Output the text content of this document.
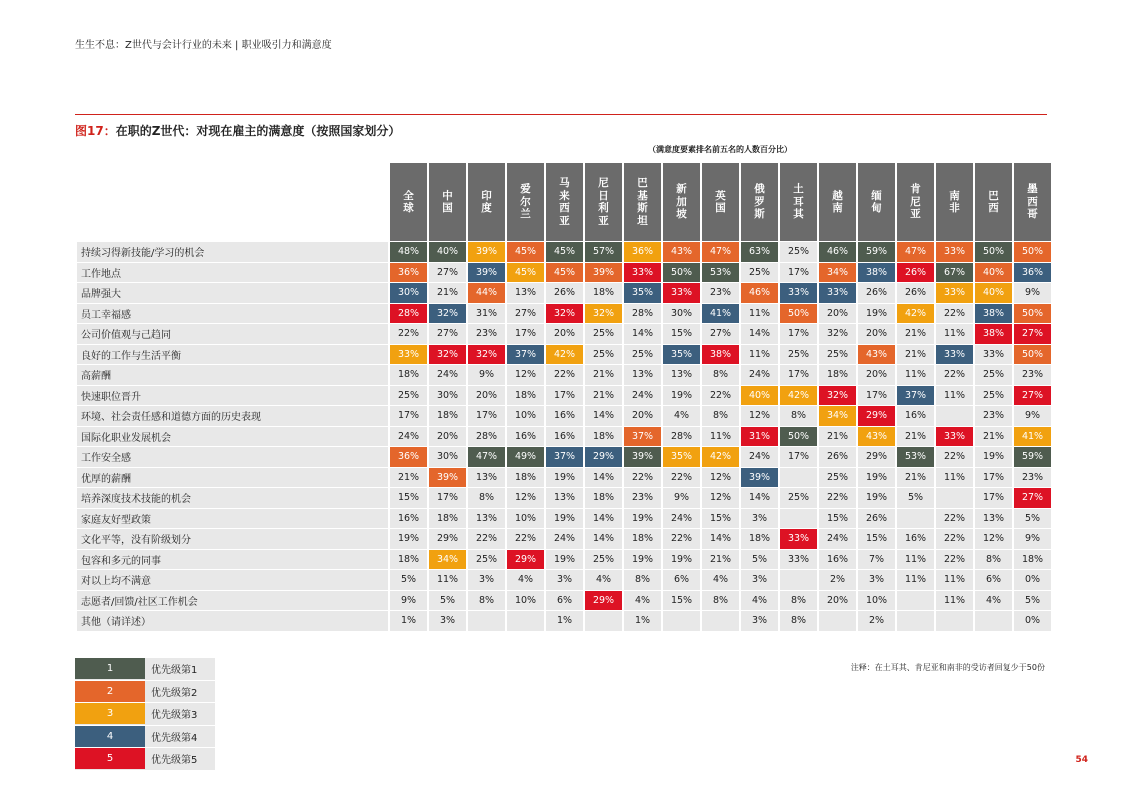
生生不息：Z世代与会计行业的未来 | 职业吸引力和满意度
图17：在职的Z世代：对现在雇主的满意度（按照国家划分）
（满意度要素排名前五名的人数百分比）

	全球	中国	印度	爱尔兰	马来西亚	尼日利亚	巴基斯坦	新加坡	英国	俄罗斯	土耳其	越南	缅甸	肯尼亚	南非	巴西	墨西哥

持续习得新技能/学习的机会	48%	40%	39%	45%	45%	57%	36%	43%	47%	63%	25%	46%	59%	47%	33%	50%	50%
工作地点	36%	27%	39%	45%	45%	39%	33%	50%	53%	25%	17%	34%	38%	26%	67%	40%	36%
品牌强大	30%	21%	44%	13%	26%	18%	35%	33%	23%	46%	33%	33%	26%	26%	33%	40%	9%
员工幸福感	28%	32%	31%	27%	32%	32%	28%	30%	41%	11%	50%	20%	19%	42%	22%	38%	50%
公司价值观与己趋同	22%	27%	23%	17%	20%	25%	14%	15%	27%	14%	17%	32%	20%	21%	11%	38%	27%
良好的工作与生活平衡	33%	32%	32%	37%	42%	25%	25%	35%	38%	11%	25%	25%	43%	21%	33%	33%	50%
高薪酬	18%	24%	9%	12%	22%	21%	13%	13%	8%	24%	17%	18%	20%	11%	22%	25%	23%
快速职位晋升	25%	30%	20%	18%	17%	21%	24%	19%	22%	40%	42%	32%	17%	37%	11%	25%	27%
环境、社会责任感和道德方面的历史表现	17%	18%	17%	10%	16%	14%	20%	4%	8%	12%	8%	34%	29%	16%		23%	9%
国际化职业发展机会	24%	20%	28%	16%	16%	18%	37%	28%	11%	31%	50%	21%	43%	21%	33%	21%	41%
工作安全感	36%	30%	47%	49%	37%	29%	39%	35%	42%	24%	17%	26%	29%	53%	22%	19%	59%
优厚的薪酬	21%	39%	13%	18%	19%	14%	22%	22%	12%	39%		25%	19%	21%	11%	17%	23%
培养深度技术技能的机会	15%	17%	8%	12%	13%	18%	23%	9%	12%	14%	25%	22%	19%	5%		17%	27%
家庭友好型政策	16%	18%	13%	10%	19%	14%	19%	24%	15%	3%		15%	26%		22%	13%	5%
文化平等，没有阶级划分	19%	29%	22%	22%	24%	14%	18%	22%	14%	18%	33%	24%	15%	16%	22%	12%	9%
包容和多元的同事	18%	34%	25%	29%	19%	25%	19%	19%	21%	5%	33%	16%	7%	11%	22%	8%	18%
对以上均不满意	5%	11%	3%	4%	3%	4%	8%	6%	4%	3%		2%	3%	11%	11%	6%	0%
志愿者/回馈/社区工作机会	9%	5%	8%	10%	6%	29%	4%	15%	8%	4%	8%	20%	10%		11%	4%	5%
其他（请详述）	1%	3%			1%		1%			3%	8%		2%				0%
1	优先级第1
2	优先级第2
3	优先级第3
4	优先级第4
5	优先级第5
注释：在土耳其、肯尼亚和南非的受访者回复少于50份
54
